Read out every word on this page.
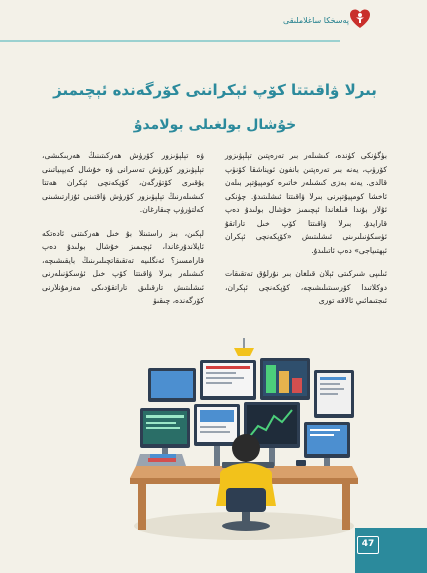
پەسخكا ساغلاملىقى
بىرلا ۋاقىتتا كۆپ ئېكراننى كۆرگەندە ئېچىمىز
خۇشال بولغىلى بولامدۇ

بۈگۈنكى كۈندە، كىشىلەر بىر تەرەپتىن تېلېۋىزور كۆرۈپ، يەنە بىر تەرەپتىن بانفون ئويناشقا كۆنۈپ قالدى. يەنە بەزى كىشىلەر خاتىرە كومپيۇتېر بىلەن ئاخشا كومپيۇتېرنى بىرلا ۋاقىتتا ئىشلىتىدۇ. چۈنكى ئۇلار بۇندا قىلغاندا ئېچىمىز خۇشال بولىدۇ دەپ قارايدۇ. بىرلا ۋاقىتتا كۆپ خىل تاراتقۇ ئۈسكۈنىلىرىنى ئىشلىتىش «كۆپكەنچى ئېكران ئېھتىياجى» دەپ ئاتىلىدۇ.

ئىلىپى شىركىتى ئېلان قىلغان بىر نۇرلۇق تەتقىقات دوكلاتىدا كۆرسىتىلىشىچە، كۆپكەنچى ئېكران، ئىجتىمائىي ئالاقە تورى

ۋە تېلېۋىزور كۆرۈش ھەركىتىنىڭ ھەربىكىشى، تېلېۋىزور كۆرۈش تەسرانى ۋە خۇشال كەيپىياتىنى يۇقىرى كۆتۈرگەن، كۆپكەنچى ئېكران ھەتتا كىشىلەرنىڭ تېلېۋىزور كۆرۈش ۋاقتىنى ئۇزارتىشىنى كەلتۈرۈپ چىقارغان.

لېكىن، بىز راستىنلا بۇ خىل ھەركىتنى ئادەتكە ئايلاندۇرغاندا، ئېچىمىز خۇشال بولىدۇ دەپ قارامسىز؟ ئەنگلىيە تەتقىقاتچىلىرىنىڭ بايقىشىچە، كىشىلەر بىرلا ۋاقىتتا كۆپ خىل ئۈسكۈنىلەرنى ئىشلىتىش تارقىلىق تاراتقۇدىكى مەزمۇنلارنى كۆرگەندە، چىقىۋ

47
